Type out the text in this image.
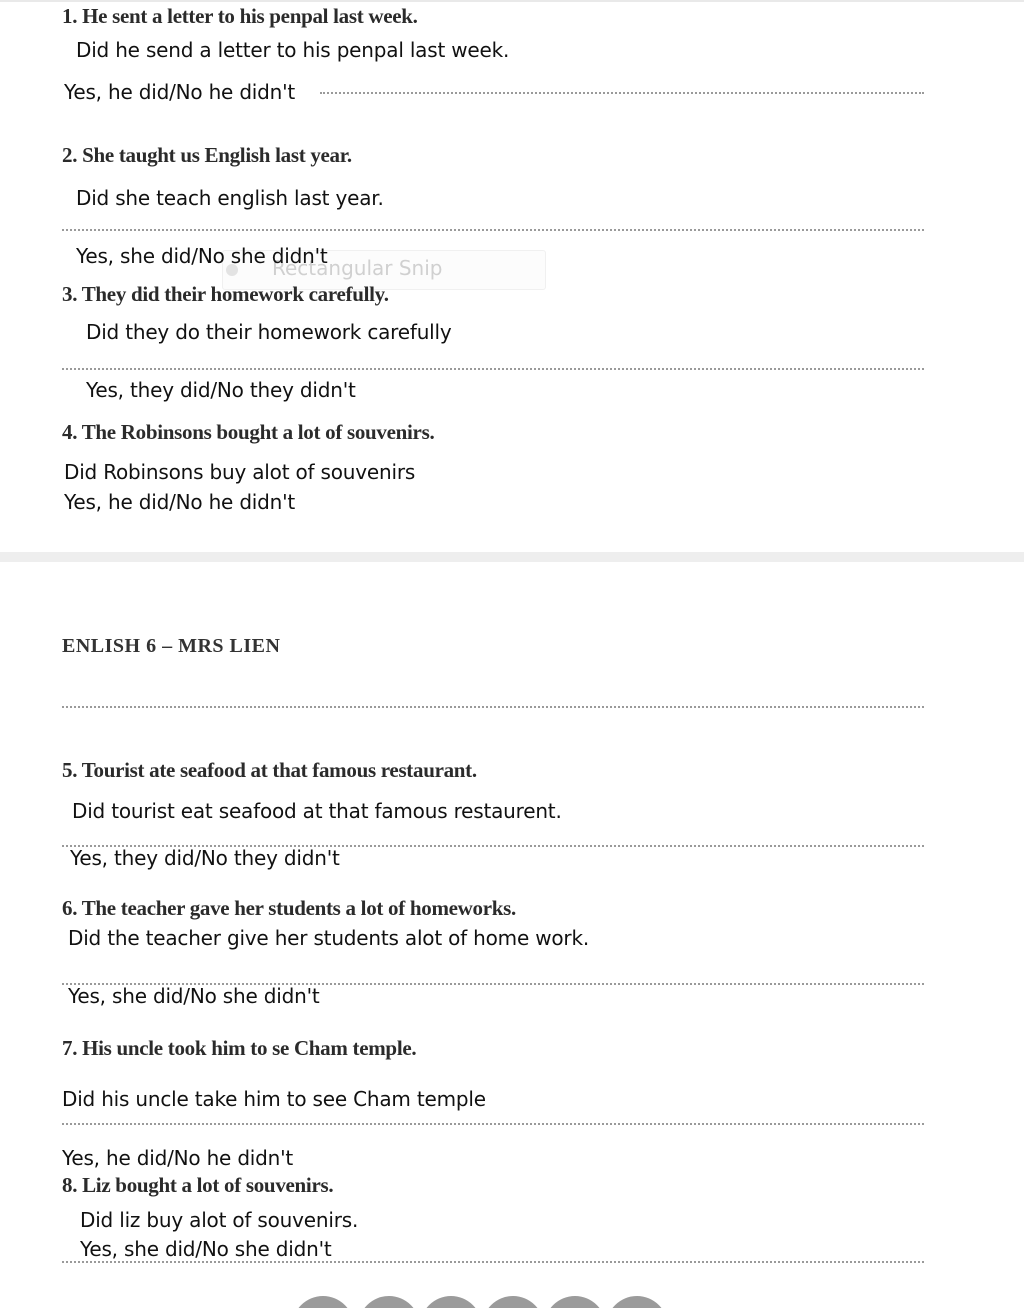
1. He sent a letter to his penpal last week.
Did he send a letter to his penpal last week.
Yes, he did/No he didn't
2. She taught us English last year.
Did she teach english last year.
Rectangular Snip
Yes, she did/No she didn't
3. They did their homework carefully.
Did they do their homework carefully
Yes, they did/No they didn't
4. The Robinsons bought a lot of souvenirs.
Did Robinsons buy alot of souvenirs
Yes, he did/No he didn't
ENLISH 6 – MRS LIEN
5. Tourist ate seafood at that famous restaurant.
Did tourist eat seafood at that famous restaurent.
Yes, they did/No they didn't
6. The teacher gave her students a lot of homeworks.
Did the teacher give her students alot of home work.
Yes, she did/No she didn't
7. His uncle took him to se Cham temple.
Did his uncle take him to see Cham temple
Yes, he did/No he didn't
8. Liz bought a lot of souvenirs.
Did liz buy alot of souvenirs.
Yes, she did/No she didn't
